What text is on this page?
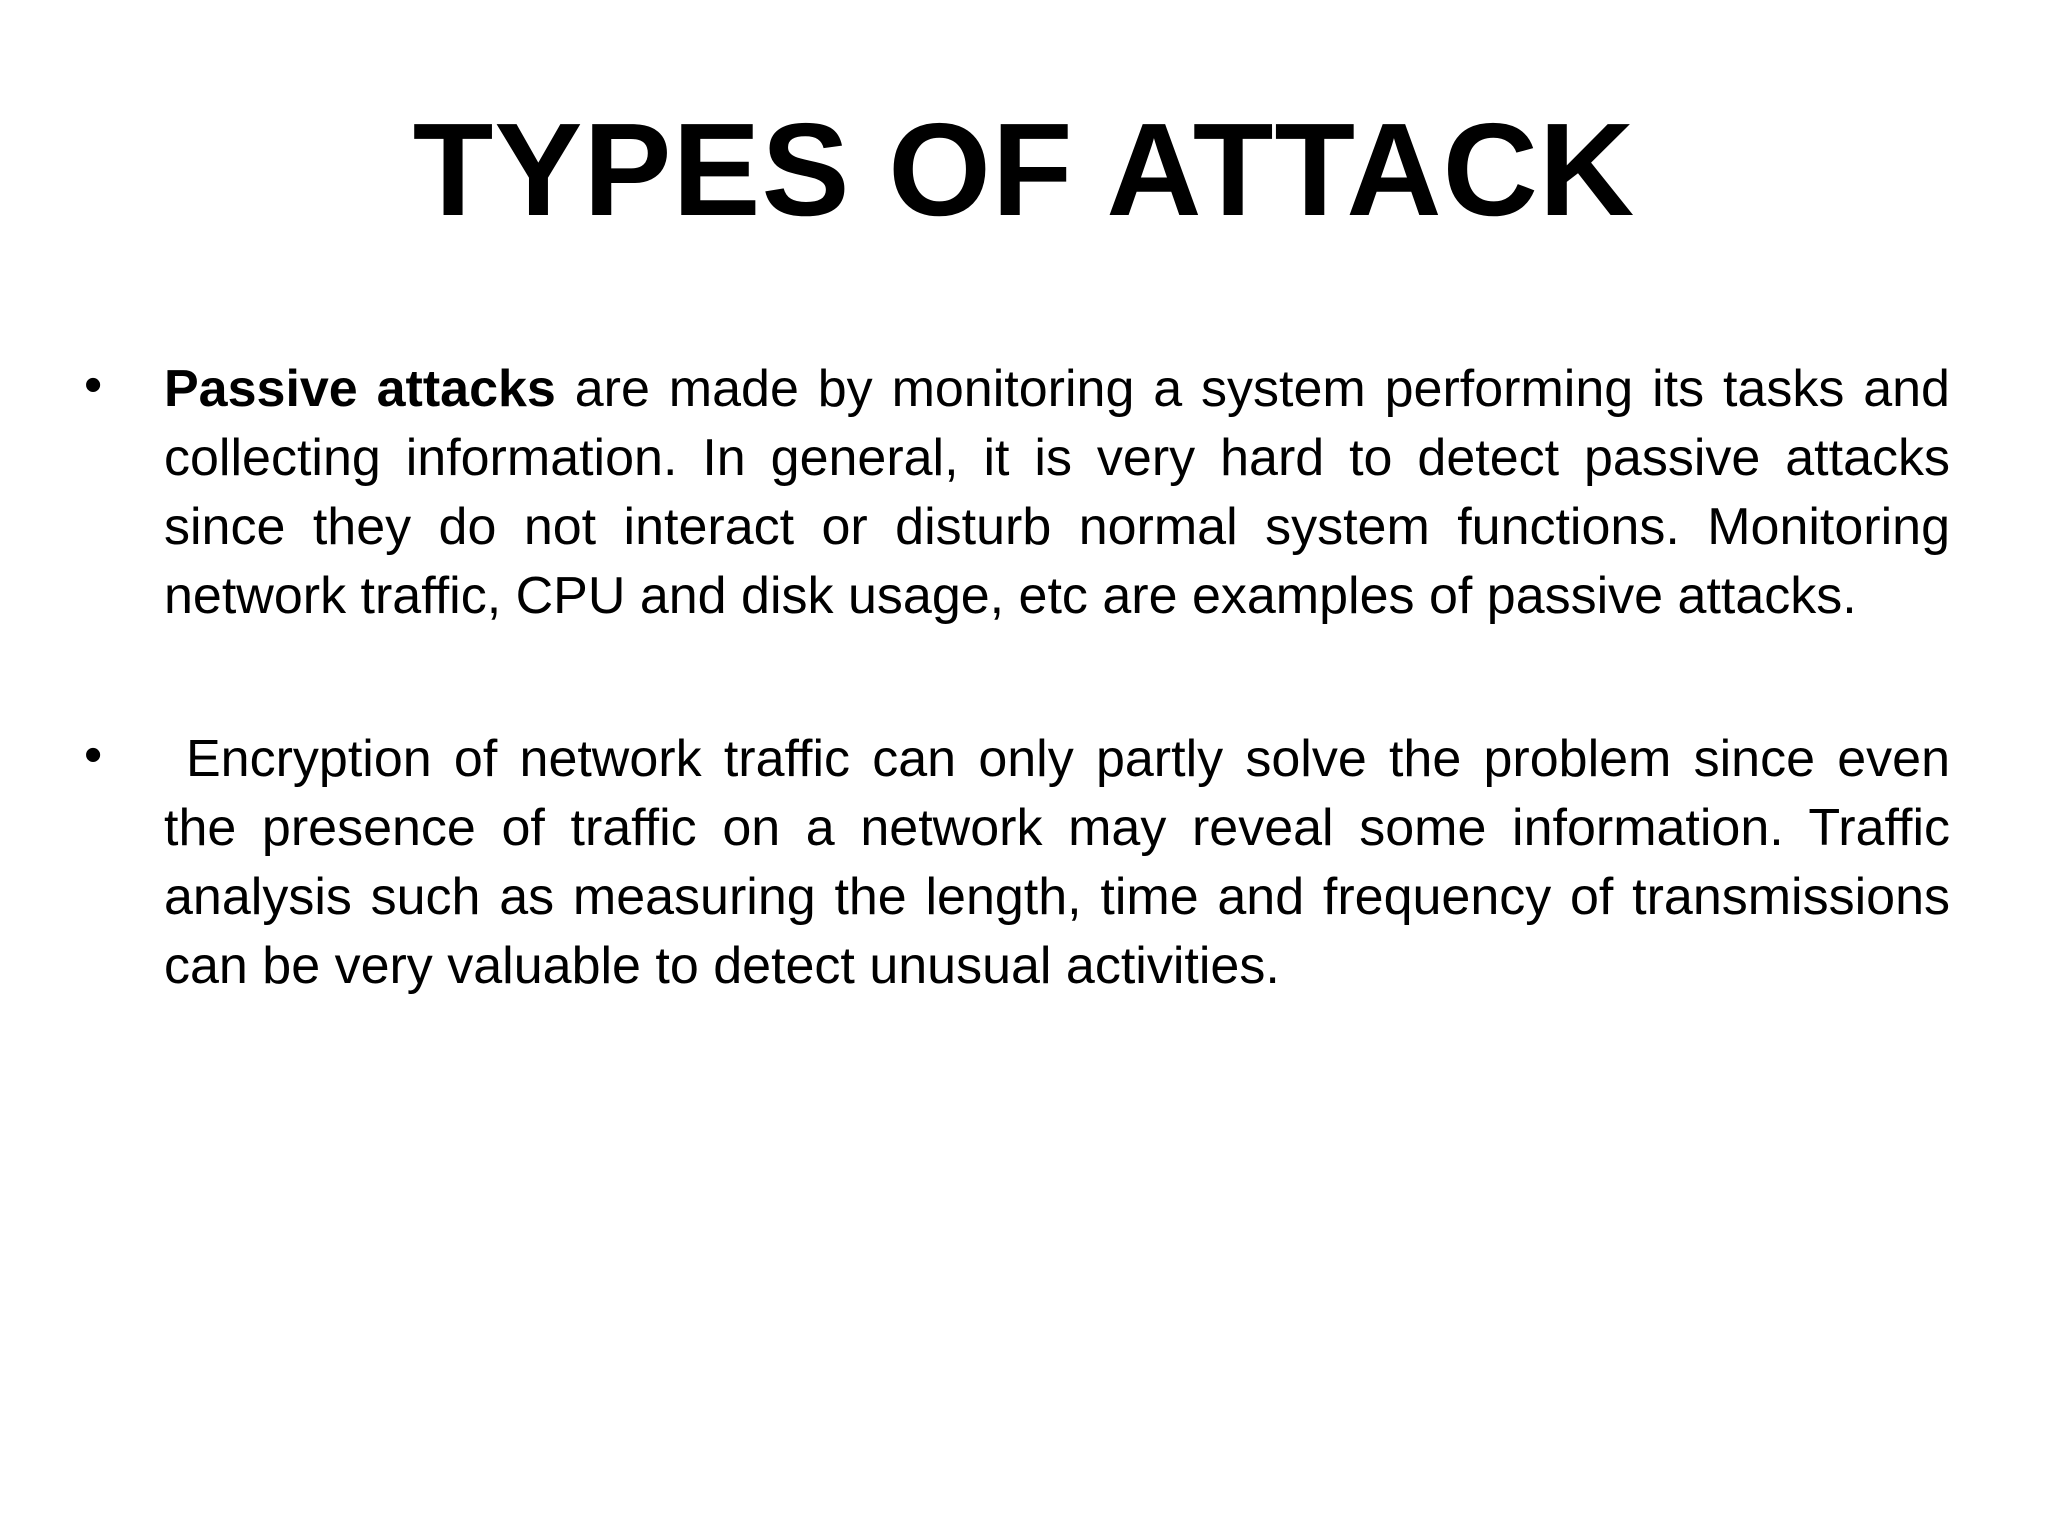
TYPES OF ATTACK
• Passive attacks are made by monitoring a system performing its tasks and collecting information. In general, it is very hard to detect passive attacks since they do not interact or disturb normal system functions. Monitoring network traffic, CPU and disk usage, etc are examples of passive attacks.
• Encryption of network traffic can only partly solve the problem since even the presence of traffic on a network may reveal some information. Traffic analysis such as measuring the length, time and frequency of transmissions can be very valuable to detect unusual activities.
